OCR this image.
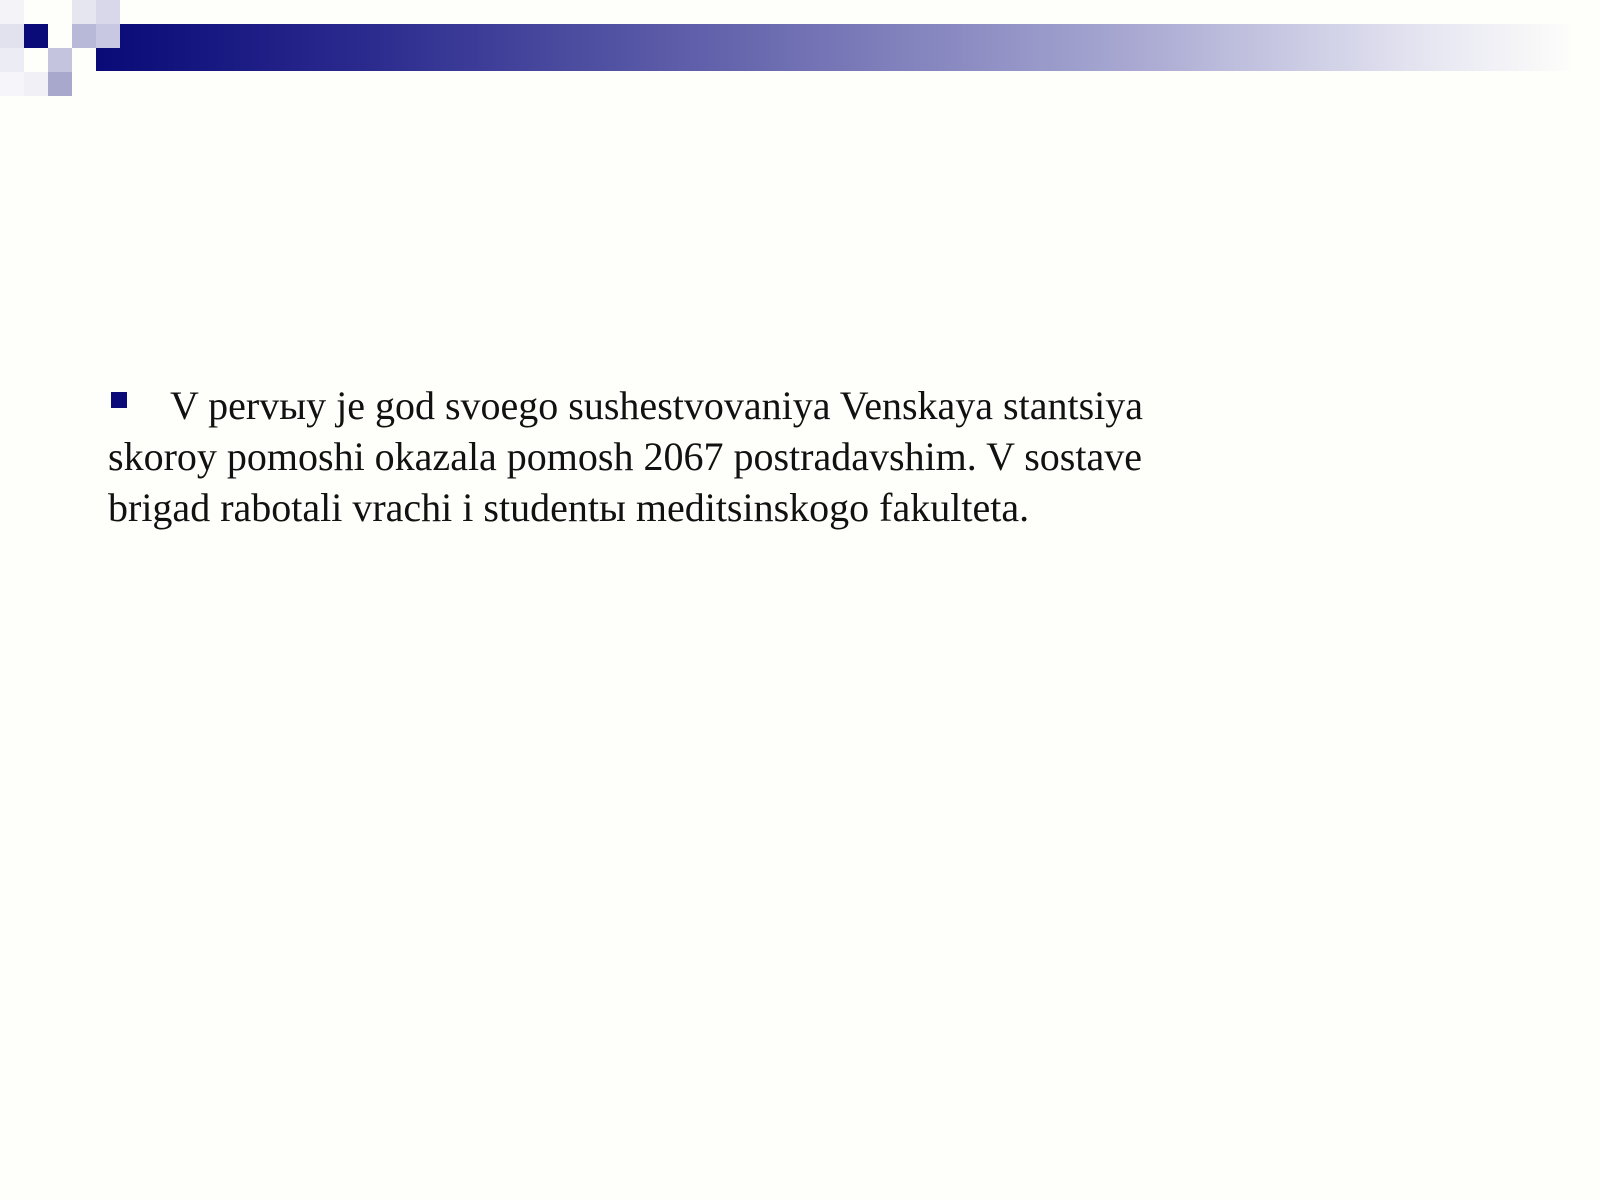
V pervыy je god svoego sushestvovaniya Venskaya stantsiya skoroy pomoshi okazala pomosh 2067 postradavshim. V sostave brigad rabotali vrachi i studentы meditsinskogo fakulteta.
